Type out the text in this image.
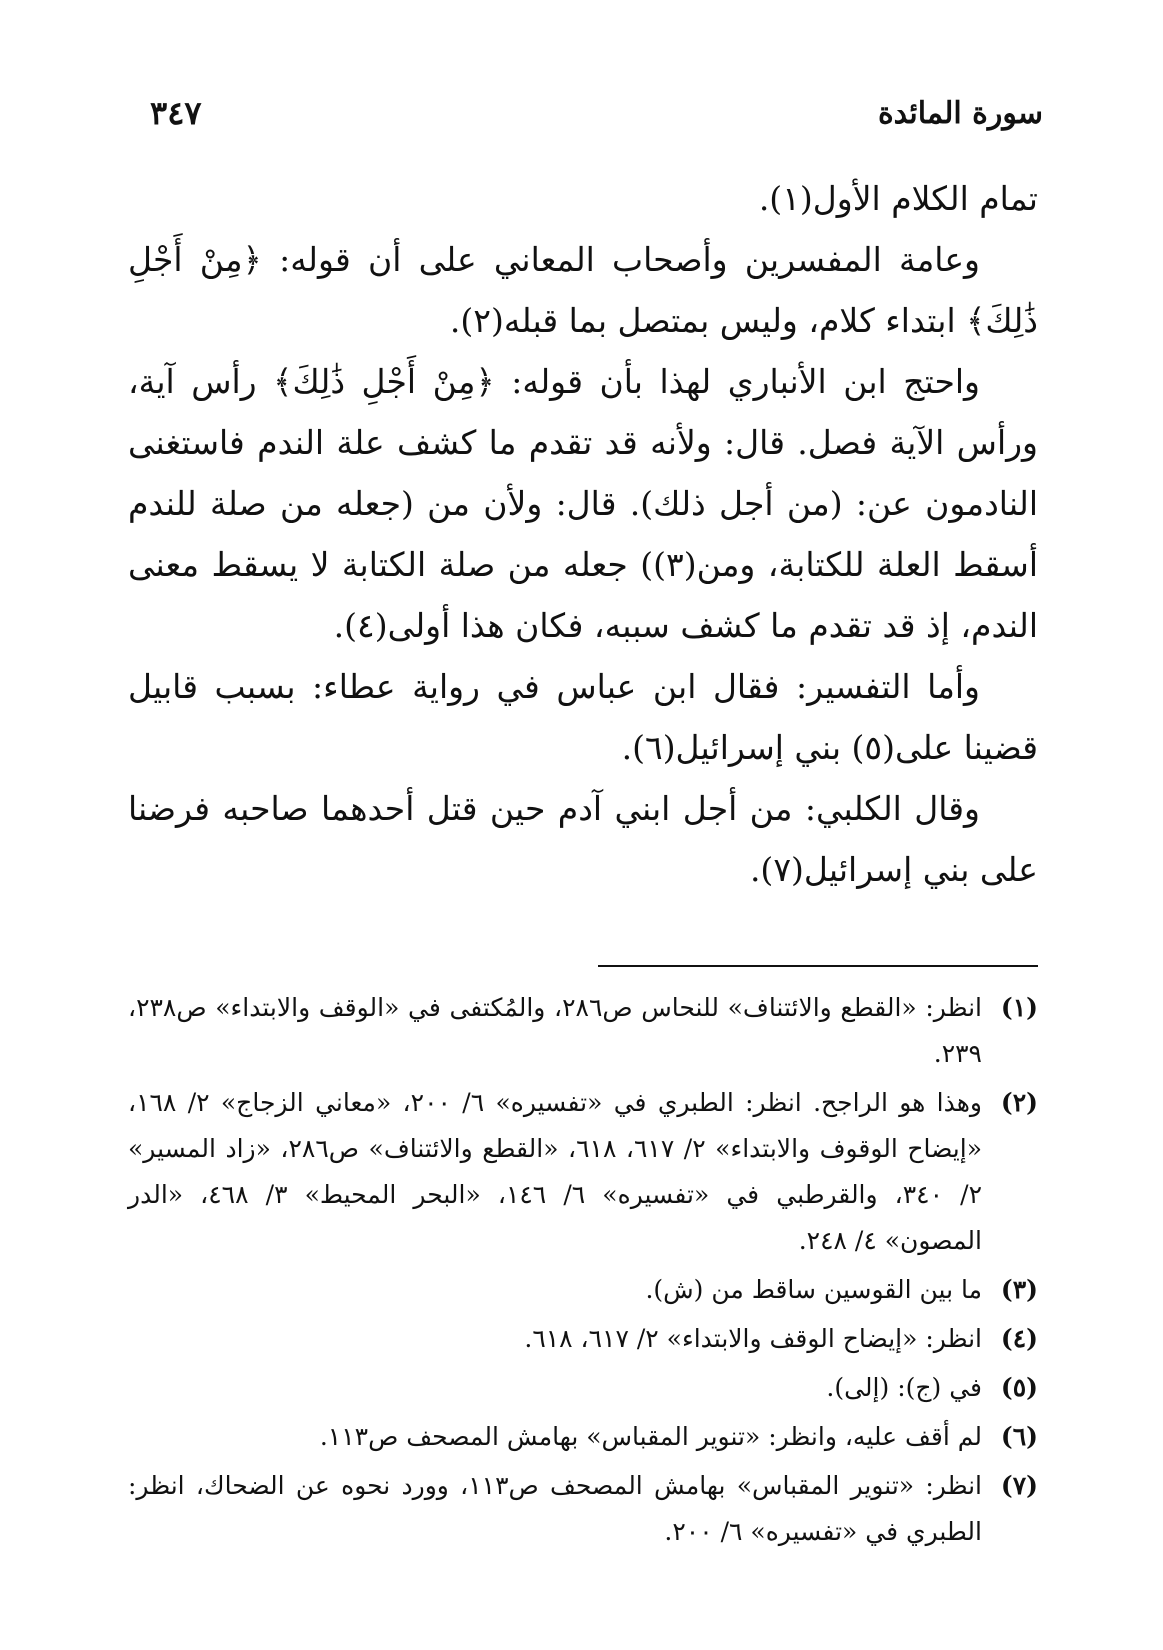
سورة المائدة
٣٤٧

تمام الكلام الأول(١).

وعامة المفسرين وأصحاب المعاني على أن قوله: ﴿مِنْ أَجْلِ ذَٰلِكَ﴾ ابتداء كلام، وليس بمتصل بما قبله(٢).

واحتج ابن الأنباري لهذا بأن قوله: ﴿مِنْ أَجْلِ ذَٰلِكَ﴾ رأس آية، ورأس الآية فصل. قال: ولأنه قد تقدم ما كشف علة الندم فاستغنى النادمون عن: (من أجل ذلك). قال: ولأن من (جعله من صلة للندم أسقط العلة للكتابة، ومن(٣)) جعله من صلة الكتابة لا يسقط معنى الندم، إذ قد تقدم ما كشف سببه، فكان هذا أولى(٤).

وأما التفسير: فقال ابن عباس في رواية عطاء: بسبب قابيل قضينا على(٥) بني إسرائيل(٦).

وقال الكلبي: من أجل ابني آدم حين قتل أحدهما صاحبه فرضنا على بني إسرائيل(٧).

(١)
انظر: «القطع والائتناف» للنحاس ص٢٨٦، والمُكتفى في «الوقف والابتداء» ص٢٣٨، ٢٣٩.
(٢)
وهذا هو الراجح. انظر: الطبري في «تفسيره» ٦/ ٢٠٠، «معاني الزجاج» ٢/ ١٦٨، «إيضاح الوقوف والابتداء» ٢/ ٦١٧، ٦١٨، «القطع والائتناف» ص٢٨٦، «زاد المسير» ٢/ ٣٤٠، والقرطبي في «تفسيره» ٦/ ١٤٦، «البحر المحيط» ٣/ ٤٦٨، «الدر المصون» ٤/ ٢٤٨.
(٣)
ما بين القوسين ساقط من (ش).
(٤)
انظر: «إيضاح الوقف والابتداء» ٢/ ٦١٧، ٦١٨.
(٥)
في (ج): (إلى).
(٦)
لم أقف عليه، وانظر: «تنوير المقباس» بهامش المصحف ص١١٣.
(٧)
انظر: «تنوير المقباس» بهامش المصحف ص١١٣، وورد نحوه عن الضحاك، انظر: الطبري في «تفسيره» ٦/ ٢٠٠.
